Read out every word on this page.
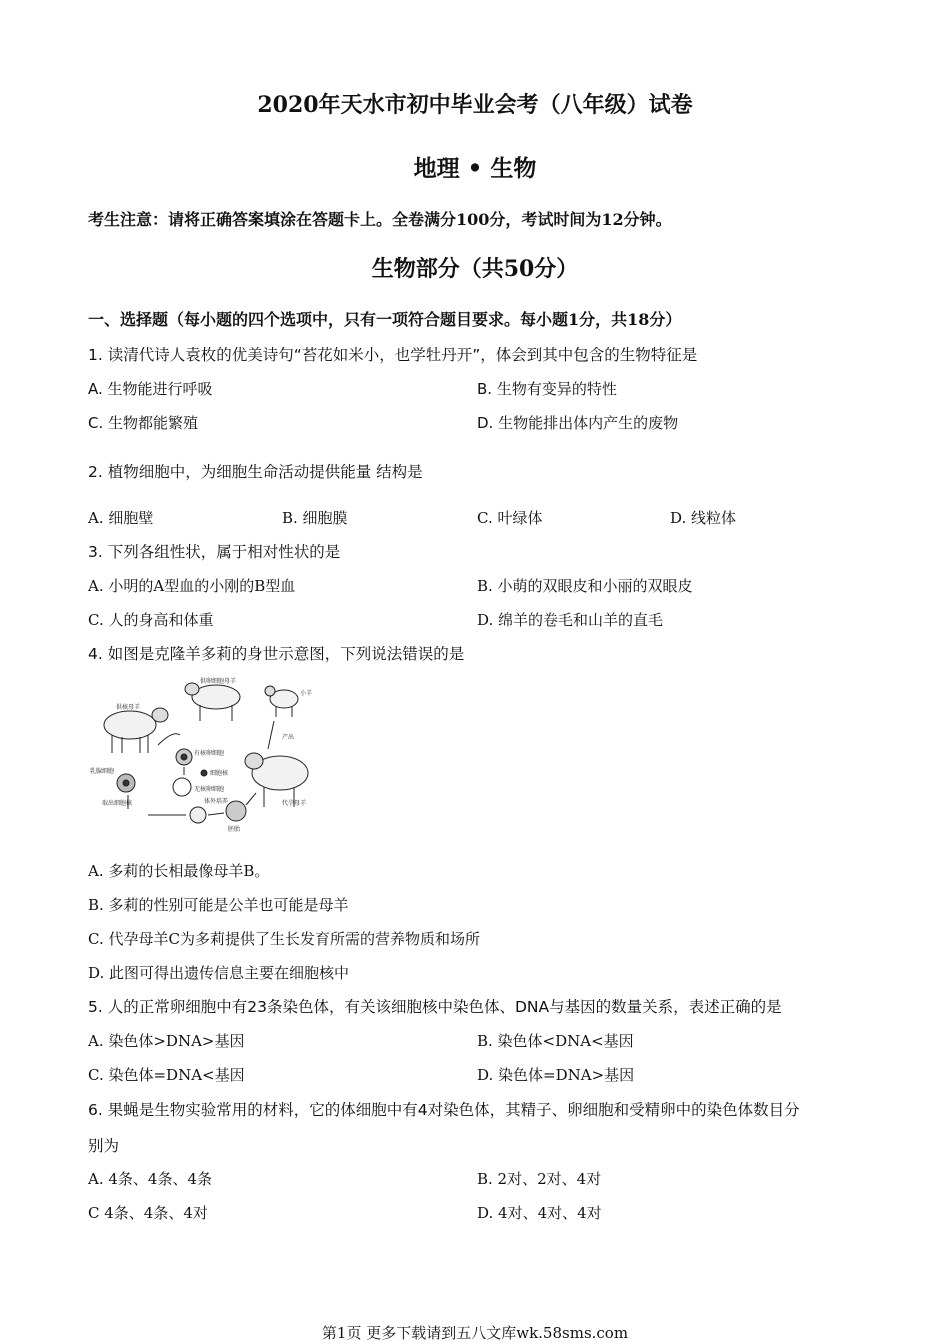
2020年天水市初中毕业会考（八年级）试卷
地理 • 生物
考生注意：请将正确答案填涂在答题卡上。全卷满分100分，考试时间为12分钟。
生物部分（共50分）
一、选择题（每小题的四个选项中，只有一项符合题目要求。每小题1分，共18分）
1. 读清代诗人袁枚的优美诗句“苔花如米小，也学牡丹开”，体会到其中包含的生物特征是
A. 生物能进行呼吸	B. 生物有变异的特性
C. 生物都能繁殖	D. 生物能排出体内产生的废物
2. 植物细胞中，为细胞生命活动提供能量 结构是
A. 细胞壁	B. 细胞膜	C. 叶绿体	D. 线粒体
3. 下列各组性状，属于相对性状的是
A. 小明的A型血的小刚的B型血	B. 小萌的双眼皮和小丽的双眼皮
C. 人的身高和体重	D. 绵羊的卷毛和山羊的直毛
4. 如图是克隆羊多莉的身世示意图，下列说法错误的是
供核母羊
供卵细胞母羊
乳腺细胞
有核卵细胞
细胞核
无核卵细胞
取出细胞核	体外培养
胚胎
代孕母羊
产出
小羊
A. 多莉的长相最像母羊B。
B. 多莉的性别可能是公羊也可能是母羊
C. 代孕母羊C为多莉提供了生长发育所需的营养物质和场所
D. 此图可得出遗传信息主要在细胞核中
5. 人的正常卵细胞中有23条染色体，有关该细胞核中染色体、DNA与基因的数量关系，表述正确的是
A. 染色体>DNA>基因	B. 染色体<DNA<基因
C. 染色体=DNA<基因	D. 染色体=DNA>基因
6. 果蝇是生物实验常用的材料，它的体细胞中有4对染色体，其精子、卵细胞和受精卵中的染色体数目分
别为
A. 4条、4条、4条	B. 2对、2对、4对
C 4条、4条、4对	D. 4对、4对、4对
第1页 更多下载请到五八文库wk.58sms.com
